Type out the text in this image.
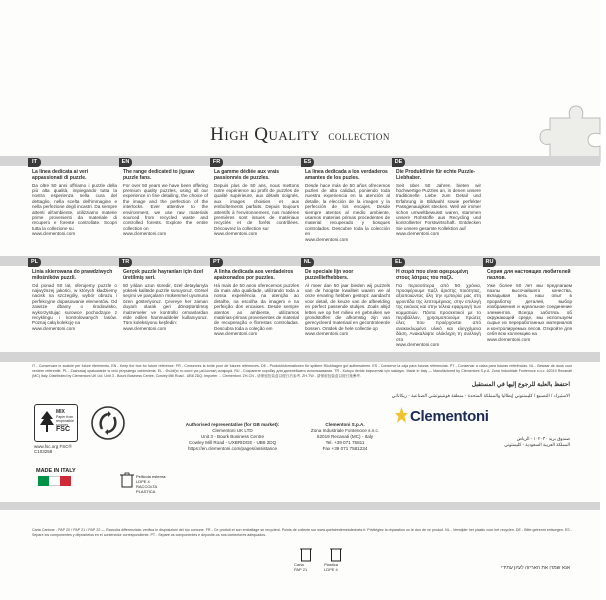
High Quality collection
IT
La linea dedicata ai veri appassionati di puzzle.
Da oltre 50 anni offriamo i puzzle della più alta qualità, impiegando tutta la nostra esperienza nella cura del dettaglio, nella scelta dell'immagine e nella perfezione degli incastri. Da sempre attenti all'ambiente, utilizziamo materie prime provenienti da materiale di recupero e foreste controllate. Scopri tutta la collezione su
www.clementoni.com
EN
The range dedicated to jigsaw puzzle fans.
For over 50 years we have been offering premium quality puzzles, using all our experience in fine detailing, the choice of the image and the perfection of the interlocks. Ever attentive to the environment, we use raw materials sourced from recycled waste and controlled forests. Explore the entire collection on
www.clementoni.com
FR
La gamme dédiée aux vrais passionnés de puzzles.
Depuis plus de 50 ans, nous mettons notre expérience au profit de puzzles de qualité supérieure, aux détails soignés, aux images choisies et aux emboîtements parfaits. Depuis toujours attentifs à l'environnement, nos matières premières sont issues de matériaux recyclés et de forêts contrôlées. Découvrez la collection sur
www.clementoni.com
ES
La línea dedicada a los verdaderos amantes de los puzles.
Desde hace más de 50 años ofrecemos puzles de alta calidad, poniendo toda nuestra experiencia en la atención al detalle, la elección de la imagen y la perfección de los encajes. Desde siempre atentos al medio ambiente, usamos materias primas procedentes de material recuperado y bosques controlados. Descubre toda la colección en
www.clementoni.com
DE
Die Produktlinie für echte Puzzle-Liebhaber.
Seit über 50 Jahren bieten wir hochwertige Puzzles an, in denen unsere traditionelle Liebe zum Detail und Erfahrung in Bildwahl sowie perfekter Passgenauigkeit stecken. Weil wir immer schon umweltbewusst waren, stammen unsere Rohstoffe aus Recycling und kontrollierter Forstwirtschaft. Entdecken Sie unsere gesamte Kollektion auf
www.clementoni.com
PL
Linia skierowana do prawdziwych miłośników puzzli.
Od ponad 50 lat, oferujemy puzzle o najwyższej jakości, w których kładziemy nacisk na szczegóły, wybór obrazu i perfekcyjne dopasowanie elementów. Od zawsze dbamy o środowisko, wykorzystując surowce pochodzące z recyklingu i kontrolowanych lasów. Poznaj całą kolekcję na
www.clementoni.com
TR
Gerçek puzzle hayranları için özel üretilmiş seri.
50 yıldan uzun süredir, özel detaylarıyla yüksek kalitede puzzle sunuyoruz. Görsel seçimi ve parçaların mükemmel uyumuna özen gösteriyoruz. Çevreye her zaman duyarlı olarak geri dönüştürülmüş malzemeler ve kontrollü ormanlardan elde edilen hammaddeler kullanıyoruz. Tüm koleksiyonu keşfedin:
www.clementoni.com
PT
A linha dedicada aos verdadeiros apaixonados por puzzles.
Há mais de 50 anos oferecemos puzzles da mais alta qualidade, utilizando toda a nossa experiência na atenção ao detalhe, na escolha da imagem e na perfeição dos encaixes. Desde sempre atentos ao ambiente, utilizamos matérias-primas provenientes de material de recuperação e florestas controladas. Descubra toda a coleção em
www.clementoni.com
NL
De speciale lijn voor puzzelliefhebbers.
Al meer dan 50 jaar bieden wij puzzels van de hoogste kwaliteit waarin we al onze ervaring hebben gestopt: aandacht voor detail, de keuze van de afbeelding en perfect passende stukjes. Zoals altijd letten we op het milieu en gebruiken we grondstoffen die afkomstig zijn van gerecycleerd materiaal en gecontroleerde bossen. Ontdek de hele collectie op
www.clementoni.com
EL
Η σειρά που είναι αφιερωμένη στους λάτρεις του παζλ.
Για περισσότερα από 50 χρόνια, προσφέρουμε παζλ άριστης ποιότητας, αξιοποιώντας όλη την εμπειρία μας στη φροντίδα της λεπτομέρειας, στην επιλογή της εικόνας και στην τέλεια εφαρμογή των κομματιών. Πάντα προσεκτικοί με το περιβάλλον, χρησιμοποιούμε πρώτες ύλες που προέρχονται από ανακυκλωμένο υλικό και ελεγχόμενα δάση. Ανακαλύψτε ολόκληρη τη συλλογή στο
www.clementoni.com
RU
Серия для настоящих любителей пазлов.
Уже более 50 лет мы предлагаем пазлы высочайшего качества, вкладывая весь наш опыт в проработку деталей, выбор изображения и идеальное соединение элементов. Всегда заботясь об окружающей среде, мы используем сырье из переработанных материалов и контролируемых лесов. Откройте для себя всю коллекцию на
www.clementoni.com
IT - Conservare le scatole per future riferimento. EN - Keep the box for future reference. FR - Conservez la boîte pour de futures références. DE - Produktinformationen für spätere Rückfragen gut aufbewahren. ES - Conserve la caja para futuras referencias. PT - Conservar a caixa para futuras referências. NL - Bewaar de doos voor verdere referentie. PL - Zachowaj opakowanie w celu przyszłego odniesienia. EL - Φυλάξτε το κουτί για μελλοντική αναφορά. RU - Сохраните коробку для дальнейшего использования. TR - Kutuyu ileride başvurmak için saklayın. Made in Italy — Manufactured by Clementoni S.p.A. Zona Industriale Fontenoce s.n.c. 62019 Recanati (MC) Italy. Distributed by Clementoni UK Ltd. Unit 3 - Bourk Business Centre, Cowley Mill Road - UB8 2DQ. Importer ... Clementoni. ZH-CN - 请保留包装盒以便日后参考. ZH-TW - 請保留包裝盒以便日後參考.
احتفظ بالعلبة للرجوع إليها في المستقبل
الاستيراد / التصنيع / كليمنتوني إيطاليا والمملكة المتحدة - منطقة فونتينوتشي الصناعية - ريكاناتي
MIX
Paper from responsible sources
FSC
www.fsc.org FSC® C103258
MADE IN ITALY
Pellicola esterna: LDPE 4 RACCOLTA PLASTICA
Authorised representative (for GB market):
Clementoni UK LTD
Unit 3 - Bourk Business Centre
Cowley Mill Road - UXBRIDGE - UB8 2DQ
https://en.clementoni.com/pages/assistance
Clementoni S.p.A.
Zona Industriale Fontenoce s.n.c.
62019 Recanati (MC) - Italy
Tel. +39 071 75811
Fax +39 071 7581234
Clementoni
صندوق بريد ١٠٢٠٣٠ - الرياض
المملكة العربية السعودية - كليمنتوني
Carta Cartone - PAP 20 / PAP 21 / PAP 22 — Raccolta differenziata: verifica le disposizioni del tuo comune. FR - Ce produit et son emballage se recyclent. Points de collecte sur www.quefairedemesdechets.fr. Privilégiez la réparation ou le don de ce produit. NL - Verwijder het plastic voor het recyclen. DE - Bitte getrennt entsorgen. ES - Separe los componentes y deposítelos en el contenedor correspondiente. PT - Separe os componentes e deposite-os nos contentores adequados.
Carta
PAP 21
Plastica
LDPE 4	אנא שמרו את האריזה לעיון עתידי
